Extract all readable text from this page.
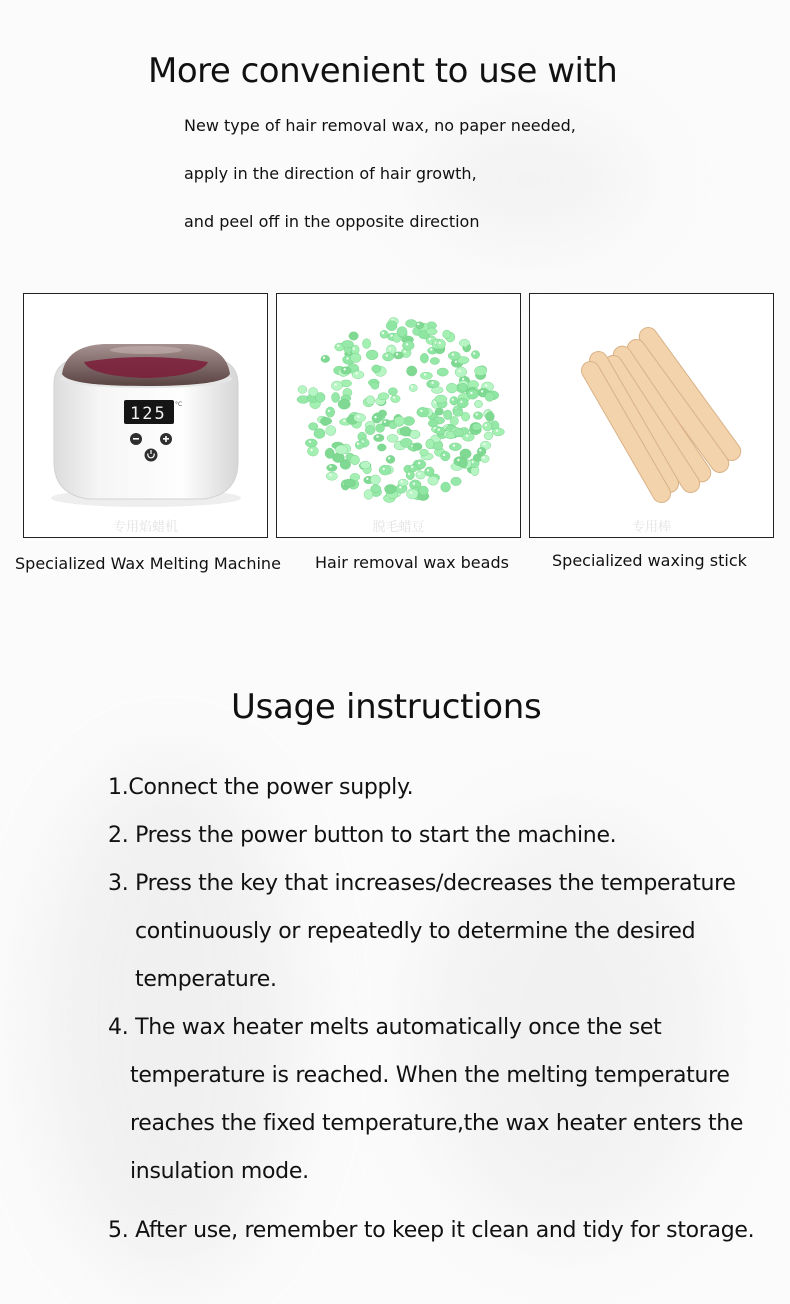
More convenient to use with
New type of hair removal wax, no paper needed,
apply in the direction of hair growth,
and peel off in the opposite direction
125 °C
专用焰蜡机	脱毛蜡豆	专用棒
Specialized Wax Melting Machine Hair removal wax beads	Specialized waxing stick
Usage instructions
1.Connect the power supply.
2. Press the power button to start the machine.
3. Press the key that increases/decreases the temperature
continuously or repeatedly to determine the desired
temperature.
4. The wax heater melts automatically once the set
temperature is reached. When the melting temperature
reaches the fixed temperature,the wax heater enters the
insulation mode.
5. After use, remember to keep it clean and tidy for storage.
